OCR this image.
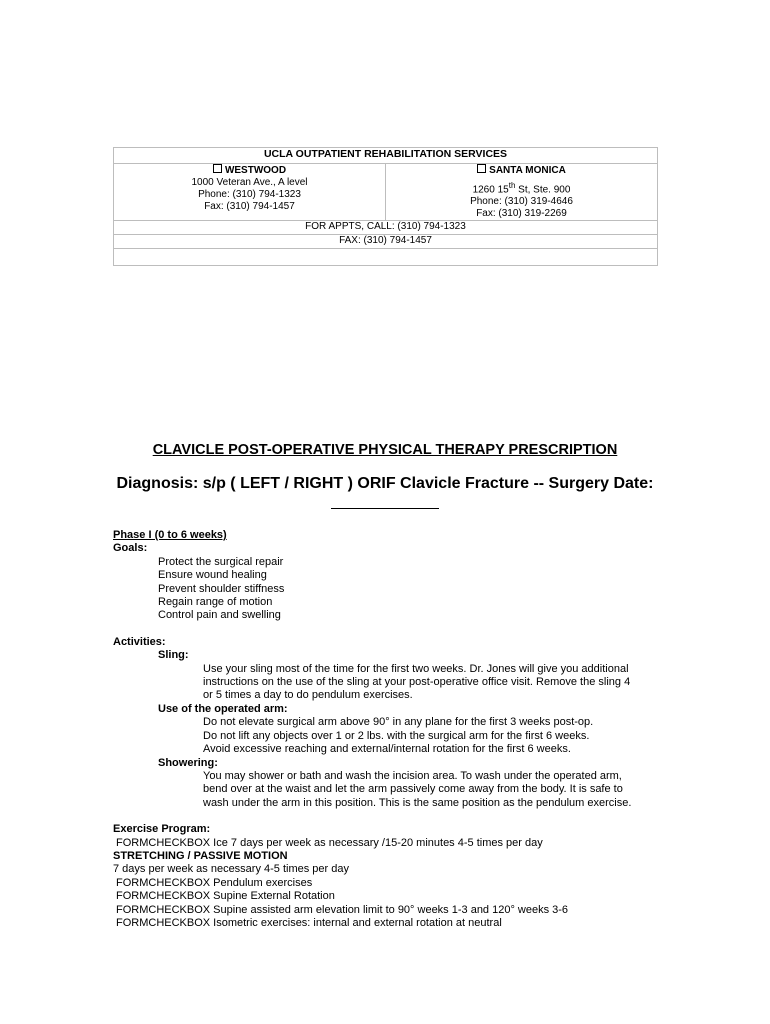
UCLA OUTPATIENT REHABILITATION SERVICES

WESTWOOD
1000 Veteran Ave., A level
Phone: (310) 794-1323
Fax: (310) 794-1457

SANTA MONICA
1260 15th St, Ste. 900
Phone: (310) 319-4646
Fax: (310) 319-2269

FOR APPTS, CALL: (310) 794-1323
FAX: (310) 794-1457

CLAVICLE POST-OPERATIVE PHYSICAL THERAPY PRESCRIPTION
Diagnosis: s/p ( LEFT / RIGHT ) ORIF Clavicle Fracture -- Surgery Date:
Phase I (0 to 6 weeks)
Goals:
Protect the surgical repair
Ensure wound healing
Prevent shoulder stiffness
Regain range of motion
Control pain and swelling
Activities:
Sling:
Use your sling most of the time for the first two weeks. Dr. Jones will give you additional
instructions on the use of the sling at your post-operative office visit. Remove the sling 4
or 5 times a day to do pendulum exercises.
Use of the operated arm:
Do not elevate surgical arm above 90° in any plane for the first 3 weeks post-op.
Do not lift any objects over 1 or 2 lbs. with the surgical arm for the first 6 weeks.
Avoid excessive reaching and external/internal rotation for the first 6 weeks.
Showering:
You may shower or bath and wash the incision area. To wash under the operated arm,
bend over at the waist and let the arm passively come away from the body. It is safe to
wash under the arm in this position. This is the same position as the pendulum exercise.
Exercise Program:
FORMCHECKBOX Ice 7 days per week as necessary /15-20 minutes 4-5 times per day
STRETCHING / PASSIVE MOTION
7 days per week as necessary 4-5 times per day
FORMCHECKBOX Pendulum exercises
FORMCHECKBOX Supine External Rotation
FORMCHECKBOX Supine assisted arm elevation limit to 90° weeks 1-3 and 120° weeks 3-6
FORMCHECKBOX Isometric exercises: internal and external rotation at neutral
